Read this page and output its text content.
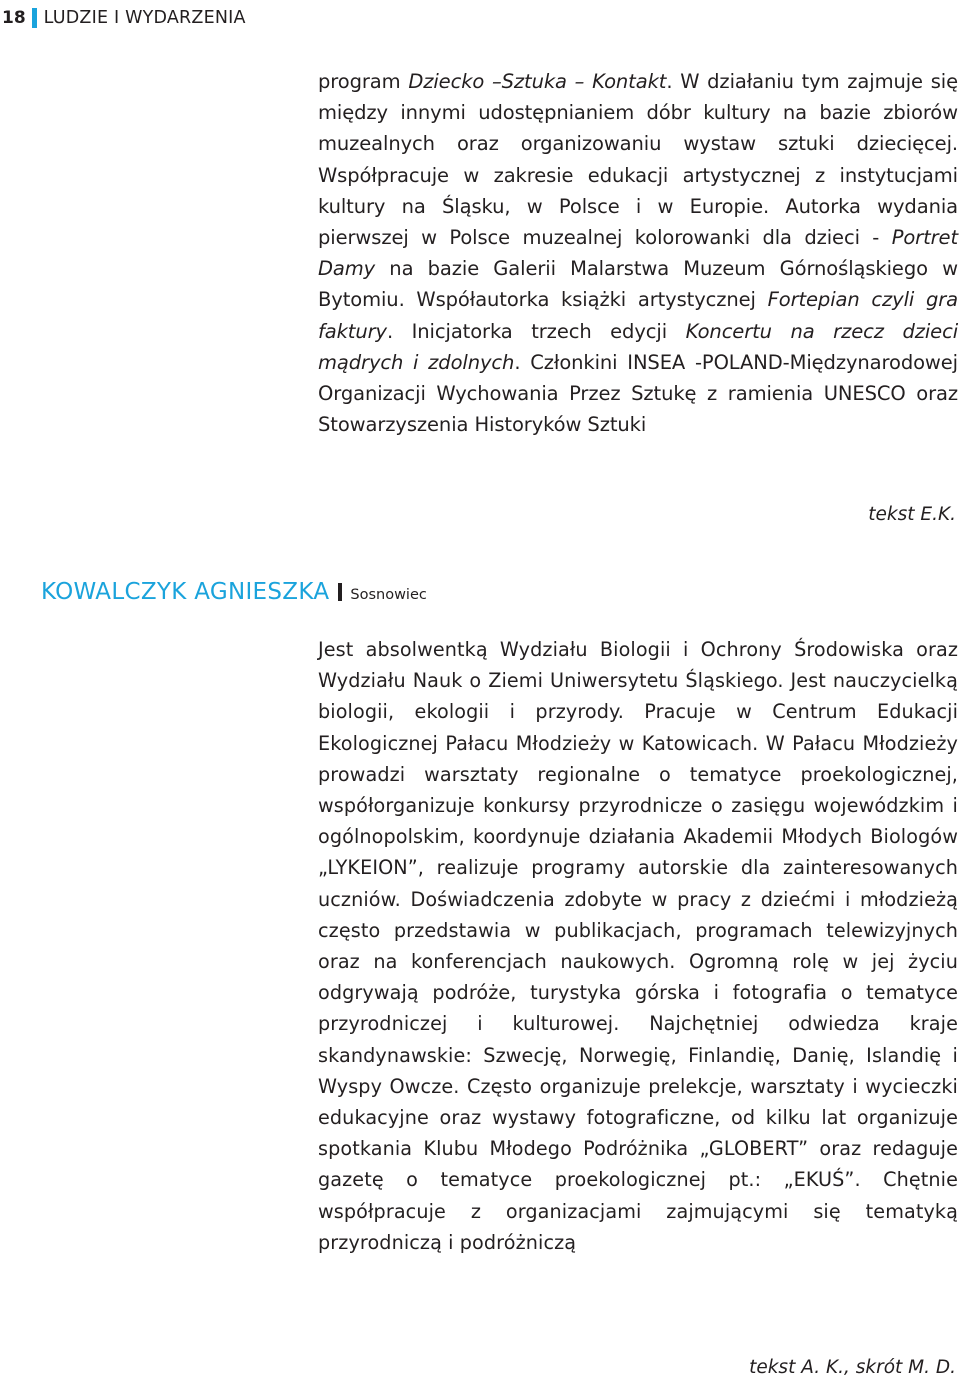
18 LUDZIE I WYDARZENIA

program Dziecko –Sztuka – Kontakt. W działaniu tym zajmuje się między innymi udostępnianiem dóbr kultury na bazie zbiorów muzealnych oraz organizowaniu wystaw sztuki dziecięcej. Współpracuje w zakresie edukacji artystycznej z instytucjami kultury na Śląsku, w Polsce i w Europie. Autorka wydania pierwszej w Polsce muzealnej kolorowanki dla dzieci - Portret Damy na bazie Galerii Malarstwa Muzeum Górnośląskiego w Bytomiu. Współautorka książki artystycznej Fortepian czyli gra faktury. Inicjatorka trzech edycji Koncertu na rzecz dzieci mądrych i zdolnych. Członkini INSEA -POLAND-Międzynarodowej Organizacji Wychowania Przez Sztukę z ramienia UNESCO oraz Stowarzyszenia Historyków Sztuki

tekst E.K.

KOWALCZYK AGNIESZKA Sosnowiec

Jest absolwentką Wydziału Biologii i Ochrony Środowiska oraz Wydziału Nauk o Ziemi Uniwersytetu Śląskiego. Jest nauczycielką biologii, ekologii i przyrody. Pracuje w Centrum Edukacji Ekologicznej Pałacu Młodzieży w Katowicach. W Pałacu Młodzieży prowadzi warsztaty regionalne o tematyce proekologicznej, współorganizuje konkursy przyrodnicze o zasięgu wojewódzkim i ogólnopolskim, koordynuje działania Akademii Młodych Biologów „LYKEION”, realizuje programy autorskie dla zainteresowanych uczniów. Doświadczenia zdobyte w pracy z dziećmi i młodzieżą często przedstawia w publikacjach, programach telewizyjnych oraz na konferencjach naukowych. Ogromną rolę w jej życiu odgrywają podróże, turystyka górska i fotografia o tematyce przyrodniczej i kulturowej. Najchętniej odwiedza kraje skandynawskie: Szwecję, Norwegię, Finlandię, Danię, Islandię i Wyspy Owcze. Często organizuje prelekcje, warsztaty i wycieczki edukacyjne oraz wystawy fotograficzne, od kilku lat organizuje spotkania Klubu Młodego Podróżnika „GLOBERT” oraz redaguje gazetę o tematyce proekologicznej pt.: „EKUŚ”. Chętnie współpracuje z organizacjami zajmującymi się tematyką przyrodniczą i podróżniczą

tekst A. K., skrót M. D.
